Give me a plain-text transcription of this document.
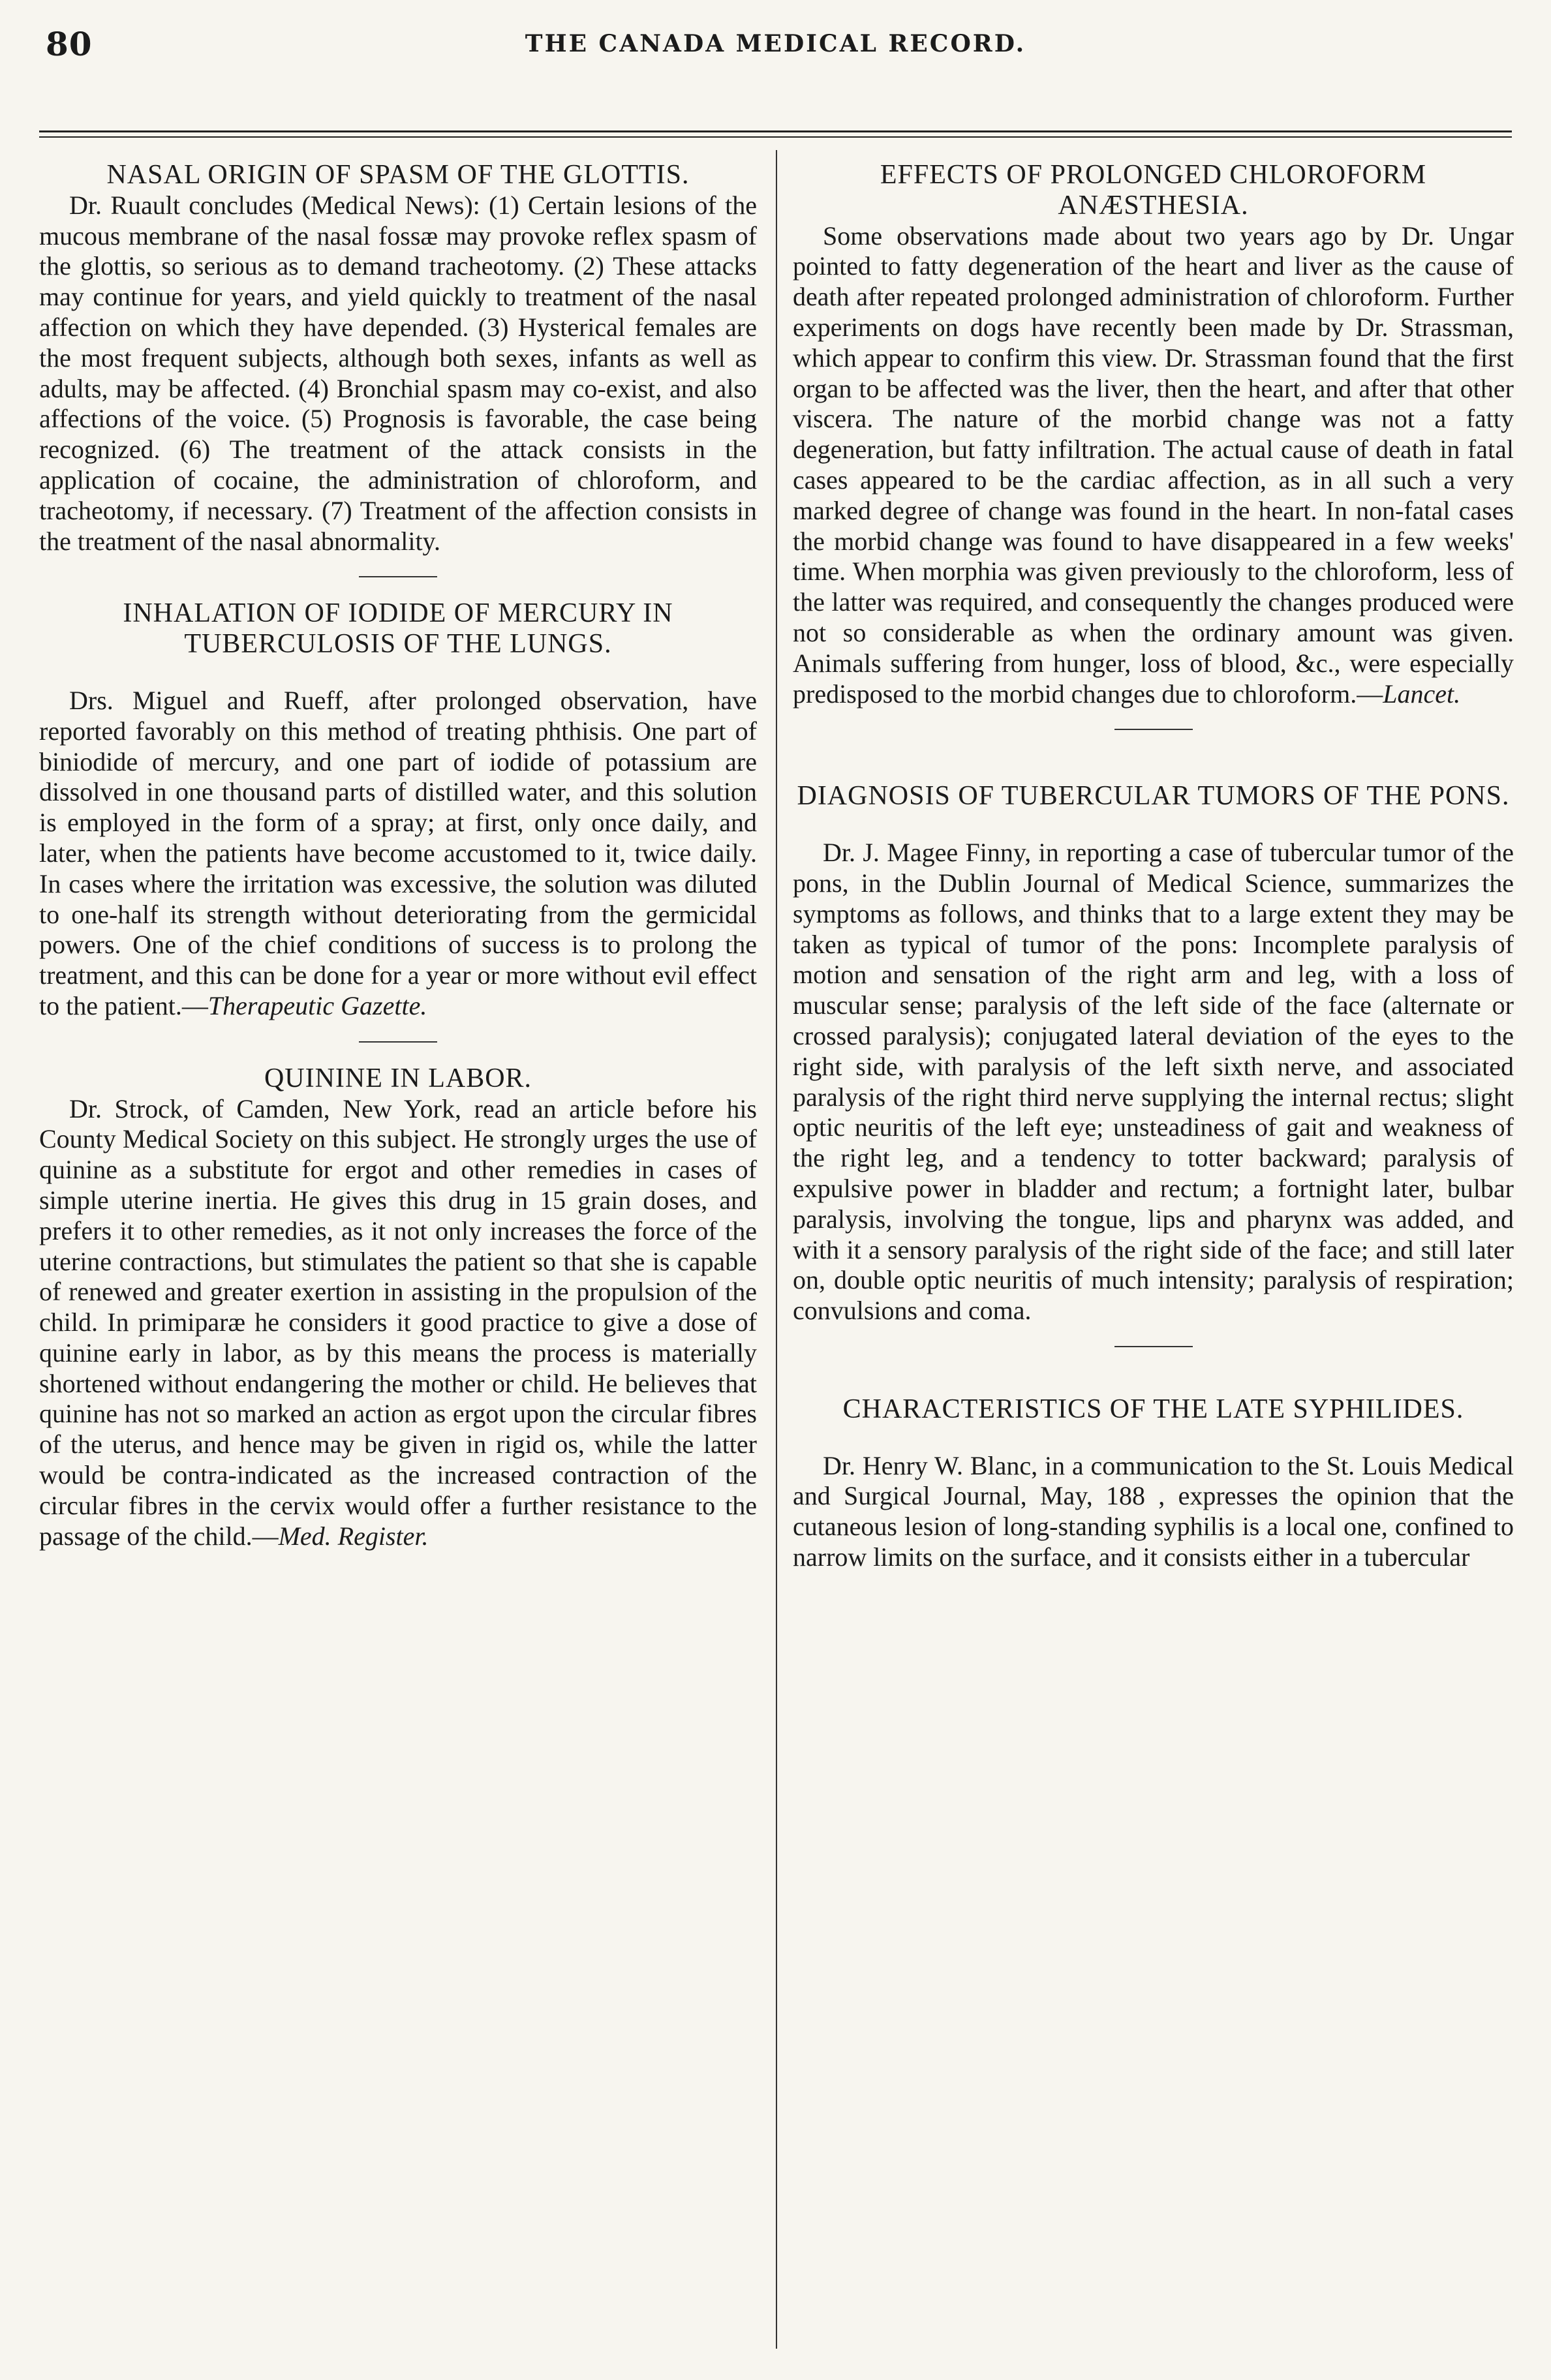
80	THE CANADA MEDICAL RECORD.
NASAL ORIGIN OF SPASM OF THE GLOTTIS.

Dr. Ruault concludes (Medical News): (1) Certain lesions of the mucous membrane of the nasal fossæ may provoke reflex spasm of the glottis, so serious as to demand tracheotomy. (2) These attacks may continue for years, and yield quickly to treatment of the nasal affection on which they have depended. (3) Hysterical females are the most frequent subjects, although both sexes, infants as well as adults, may be affected. (4) Bronchial spasm may co-exist, and also affections of the voice. (5) Prognosis is favorable, the case being recognized. (6) The treatment of the attack consists in the application of cocaine, the administration of chloroform, and tracheotomy, if necessary. (7) Treatment of the affection consists in the treatment of the nasal abnormality.

INHALATION OF IODIDE OF MERCURY IN TUBERCULOSIS OF THE LUNGS.

Drs. Miguel and Rueff, after prolonged observation, have reported favorably on this method of treating phthisis. One part of biniodide of mercury, and one part of iodide of potassium are dissolved in one thousand parts of distilled water, and this solution is employed in the form of a spray; at first, only once daily, and later, when the patients have become accustomed to it, twice daily. In cases where the irritation was excessive, the solution was diluted to one-half its strength without deteriorating from the germicidal powers. One of the chief conditions of success is to prolong the treatment, and this can be done for a year or more without evil effect to the patient.—Therapeutic Gazette.

QUININE IN LABOR.

Dr. Strock, of Camden, New York, read an article before his County Medical Society on this subject. He strongly urges the use of quinine as a substitute for ergot and other remedies in cases of simple uterine inertia. He gives this drug in 15 grain doses, and prefers it to other remedies, as it not only increases the force of the uterine contractions, but stimulates the patient so that she is capable of renewed and greater exertion in assisting in the propulsion of the child. In primiparæ he considers it good practice to give a dose of quinine early in labor, as by this means the process is materially shortened without endangering the mother or child. He believes that quinine has not so marked an action as ergot upon the circular fibres of the uterus, and hence may be given in rigid os, while the latter would be contra-indicated as the increased contraction of the circular fibres in the cervix would offer a further resistance to the passage of the child.—Med. Register.

EFFECTS OF PROLONGED CHLOROFORM ANÆSTHESIA.

Some observations made about two years ago by Dr. Ungar pointed to fatty degeneration of the heart and liver as the cause of death after repeated prolonged administration of chloroform. Further experiments on dogs have recently been made by Dr. Strassman, which appear to confirm this view. Dr. Strassman found that the first organ to be affected was the liver, then the heart, and after that other viscera. The nature of the morbid change was not a fatty degeneration, but fatty infiltration. The actual cause of death in fatal cases appeared to be the cardiac affection, as in all such a very marked degree of change was found in the heart. In non-fatal cases the morbid change was found to have disappeared in a few weeks' time. When morphia was given previously to the chloroform, less of the latter was required, and consequently the changes produced were not so considerable as when the ordinary amount was given. Animals suffering from hunger, loss of blood, &c., were especially predisposed to the morbid changes due to chloroform.—Lancet.

DIAGNOSIS OF TUBERCULAR TUMORS OF THE PONS.

Dr. J. Magee Finny, in reporting a case of tubercular tumor of the pons, in the Dublin Journal of Medical Science, summarizes the symptoms as follows, and thinks that to a large extent they may be taken as typical of tumor of the pons: Incomplete paralysis of motion and sensation of the right arm and leg, with a loss of muscular sense; paralysis of the left side of the face (alternate or crossed paralysis); conjugated lateral deviation of the eyes to the right side, with paralysis of the left sixth nerve, and associated paralysis of the right third nerve supplying the internal rectus; slight optic neuritis of the left eye; unsteadiness of gait and weakness of the right leg, and a tendency to totter backward; paralysis of expulsive power in bladder and rectum; a fortnight later, bulbar paralysis, involving the tongue, lips and pharynx was added, and with it a sensory paralysis of the right side of the face; and still later on, double optic neuritis of much intensity; paralysis of respiration; convulsions and coma.

CHARACTERISTICS OF THE LATE SYPHILIDES.

Dr. Henry W. Blanc, in a communication to the St. Louis Medical and Surgical Journal, May, 188 , expresses the opinion that the cutaneous lesion of long-standing syphilis is a local one, confined to narrow limits on the surface, and it consists either in a tubercular
